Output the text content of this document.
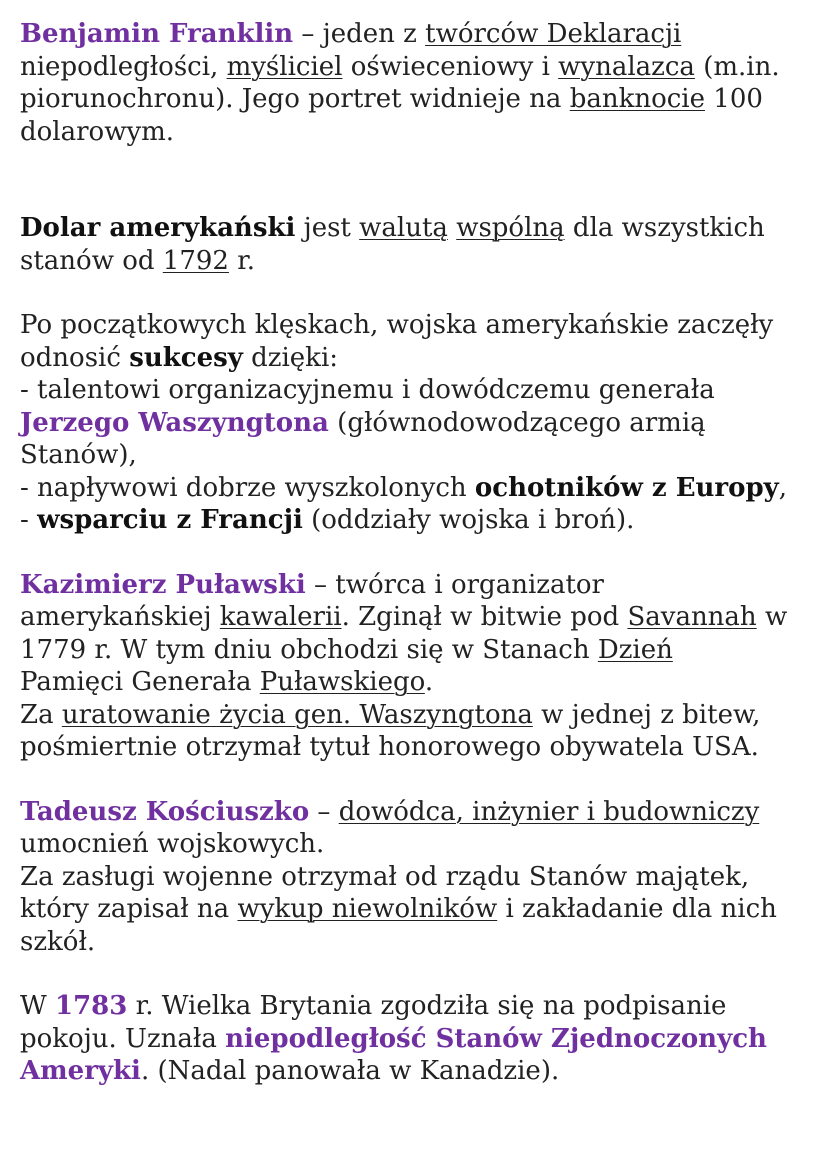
Benjamin Franklin – jeden z twórców Deklaracji
niepodległości, myśliciel oświeceniowy i wynalazca (m.in.
piorunochronu). Jego portret widnieje na banknocie 100
dolarowym.
Dolar amerykański jest walutą wspólną dla wszystkich
stanów od 1792 r.
Po początkowych klęskach, wojska amerykańskie zaczęły
odnosić sukcesy dzięki:
- talentowi organizacyjnemu i dowódczemu generała
Jerzego Waszyngtona (głównodowodzącego armią
Stanów),
- napływowi dobrze wyszkolonych ochotników z Europy,
- wsparciu z Francji (oddziały wojska i broń).
Kazimierz Puławski – twórca i organizator
amerykańskiej kawalerii. Zginął w bitwie pod Savannah w
1779 r. W tym dniu obchodzi się w Stanach Dzień
Pamięci Generała Puławskiego.
Za uratowanie życia gen. Waszyngtona w jednej z bitew,
pośmiertnie otrzymał tytuł honorowego obywatela USA.
Tadeusz Kościuszko – dowódca, inżynier i budowniczy
umocnień wojskowych.
Za zasługi wojenne otrzymał od rządu Stanów majątek,
który zapisał na wykup niewolników i zakładanie dla nich
szkół.
W 1783 r. Wielka Brytania zgodziła się na podpisanie
pokoju. Uznała niepodległość Stanów Zjednoczonych
Ameryki. (Nadal panowała w Kanadzie).
